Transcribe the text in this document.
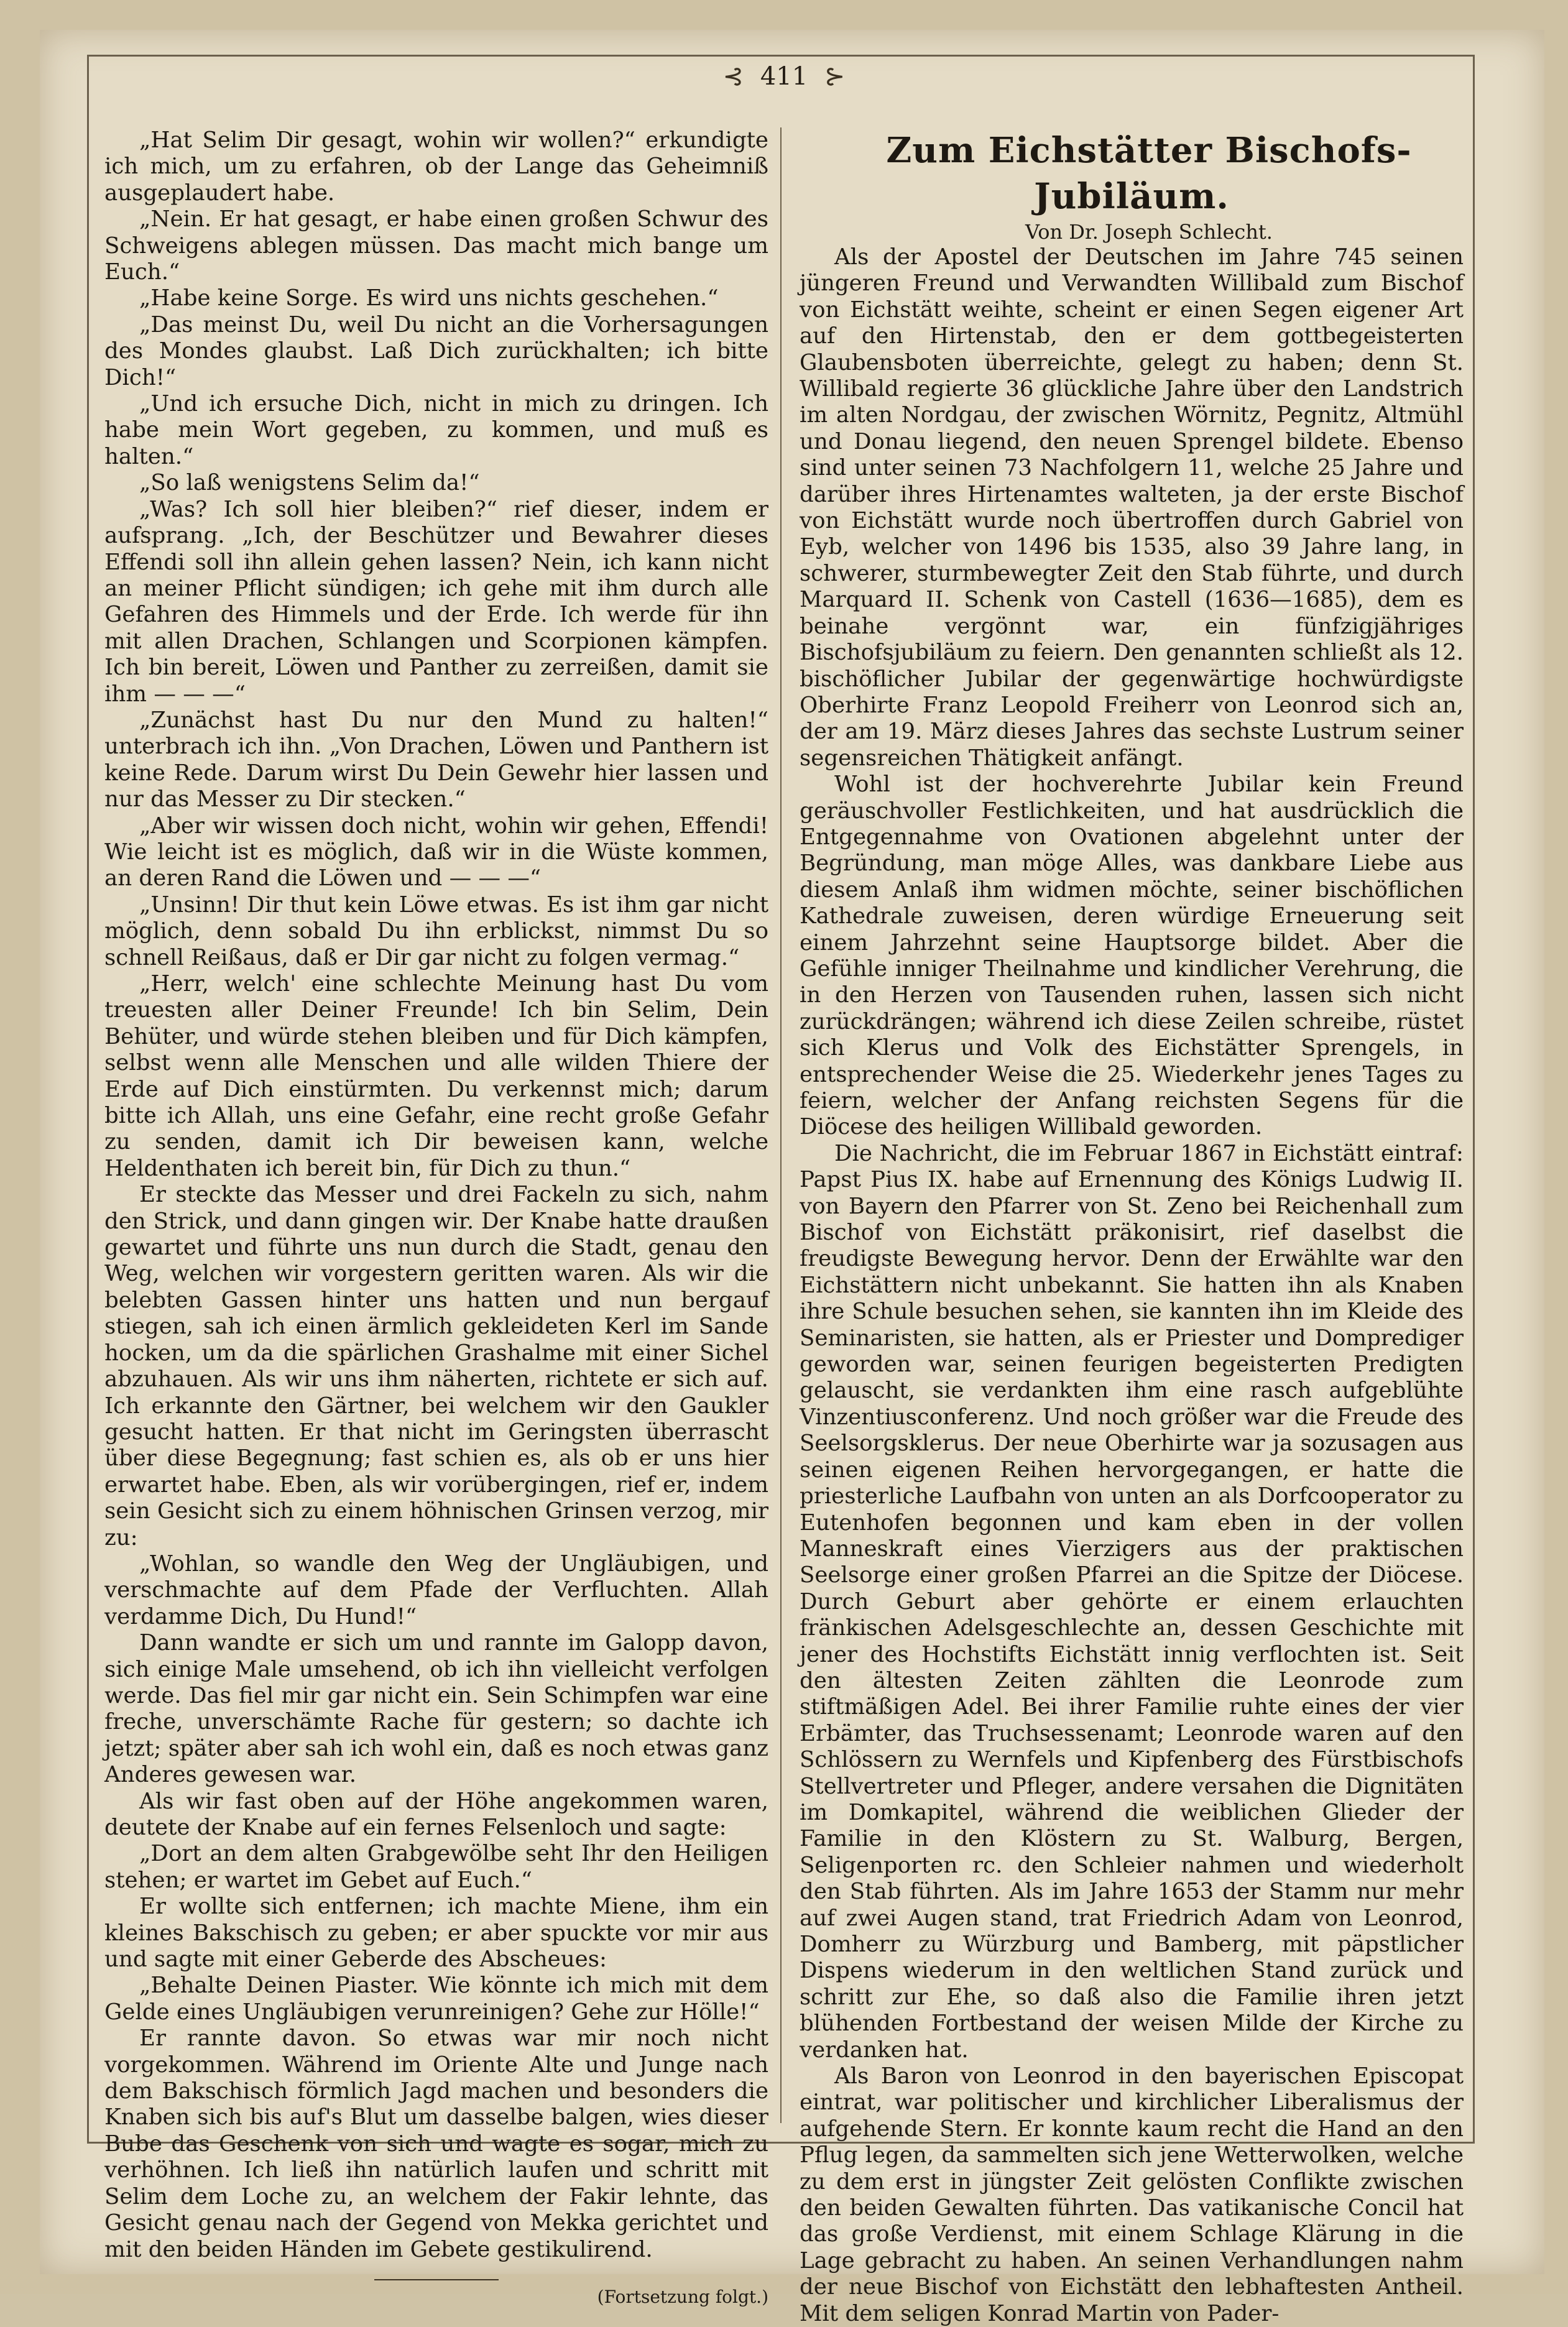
⊰ 411 ⊱

„Hat Selim Dir gesagt, wohin wir wollen?“ erkundigte ich mich, um zu erfahren, ob der Lange das Geheimniß ausgeplaudert habe.

„Nein. Er hat gesagt, er habe einen großen Schwur des Schweigens ablegen müssen. Das macht mich bange um Euch.“

„Habe keine Sorge. Es wird uns nichts geschehen.“

„Das meinst Du, weil Du nicht an die Vorhersagungen des Mondes glaubst. Laß Dich zurückhalten; ich bitte Dich!“

„Und ich ersuche Dich, nicht in mich zu dringen. Ich habe mein Wort gegeben, zu kommen, und muß es halten.“

„So laß wenigstens Selim da!“

„Was? Ich soll hier bleiben?“ rief dieser, indem er aufsprang. „Ich, der Beschützer und Bewahrer dieses Effendi soll ihn allein gehen lassen? Nein, ich kann nicht an meiner Pflicht sündigen; ich gehe mit ihm durch alle Gefahren des Himmels und der Erde. Ich werde für ihn mit allen Drachen, Schlangen und Scorpionen kämpfen. Ich bin bereit, Löwen und Panther zu zerreißen, damit sie ihm — — —“

„Zunächst hast Du nur den Mund zu halten!“ unterbrach ich ihn. „Von Drachen, Löwen und Panthern ist keine Rede. Darum wirst Du Dein Gewehr hier lassen und nur das Messer zu Dir stecken.“

„Aber wir wissen doch nicht, wohin wir gehen, Effendi! Wie leicht ist es möglich, daß wir in die Wüste kommen, an deren Rand die Löwen und — — —“

„Unsinn! Dir thut kein Löwe etwas. Es ist ihm gar nicht möglich, denn sobald Du ihn erblickst, nimmst Du so schnell Reißaus, daß er Dir gar nicht zu folgen vermag.“

„Herr, welch' eine schlechte Meinung hast Du vom treuesten aller Deiner Freunde! Ich bin Selim, Dein Behüter, und würde stehen bleiben und für Dich kämpfen, selbst wenn alle Menschen und alle wilden Thiere der Erde auf Dich einstürmten. Du verkennst mich; darum bitte ich Allah, uns eine Gefahr, eine recht große Gefahr zu senden, damit ich Dir beweisen kann, welche Heldenthaten ich bereit bin, für Dich zu thun.“

Er steckte das Messer und drei Fackeln zu sich, nahm den Strick, und dann gingen wir. Der Knabe hatte draußen gewartet und führte uns nun durch die Stadt, genau den Weg, welchen wir vorgestern geritten waren. Als wir die belebten Gassen hinter uns hatten und nun bergauf stiegen, sah ich einen ärmlich gekleideten Kerl im Sande hocken, um da die spärlichen Grashalme mit einer Sichel abzuhauen. Als wir uns ihm näherten, richtete er sich auf. Ich erkannte den Gärtner, bei welchem wir den Gaukler gesucht hatten. Er that nicht im Geringsten überrascht über diese Begegnung; fast schien es, als ob er uns hier erwartet habe. Eben, als wir vorübergingen, rief er, indem sein Gesicht sich zu einem höhnischen Grinsen verzog, mir zu:

„Wohlan, so wandle den Weg der Ungläubigen, und verschmachte auf dem Pfade der Verfluchten. Allah verdamme Dich, Du Hund!“

Dann wandte er sich um und rannte im Galopp davon, sich einige Male umsehend, ob ich ihn vielleicht verfolgen werde. Das fiel mir gar nicht ein. Sein Schimpfen war eine freche, unverschämte Rache für gestern; so dachte ich jetzt; später aber sah ich wohl ein, daß es noch etwas ganz Anderes gewesen war.

Als wir fast oben auf der Höhe angekommen waren, deutete der Knabe auf ein fernes Felsenloch und sagte:

„Dort an dem alten Grabgewölbe seht Ihr den Heiligen stehen; er wartet im Gebet auf Euch.“

Er wollte sich entfernen; ich machte Miene, ihm ein kleines Bakschisch zu geben; er aber spuckte vor mir aus und sagte mit einer Geberde des Abscheues:

„Behalte Deinen Piaster. Wie könnte ich mich mit dem Gelde eines Ungläubigen verunreinigen? Gehe zur Hölle!“

Er rannte davon. So etwas war mir noch nicht vorgekommen. Während im Oriente Alte und Junge nach dem Bakschisch förmlich Jagd machen und besonders die Knaben sich bis auf's Blut um dasselbe balgen, wies dieser Bube das Geschenk von sich und wagte es sogar, mich zu verhöhnen. Ich ließ ihn natürlich laufen und schritt mit Selim dem Loche zu, an welchem der Fakir lehnte, das Gesicht genau nach der Gegend von Mekka gerichtet und mit den beiden Händen im Gebete gestikulirend.

(Fortsetzung folgt.)

Zum Eichstätter Bischofs-Jubiläum.

Von Dr. Joseph Schlecht.

Als der Apostel der Deutschen im Jahre 745 seinen jüngeren Freund und Verwandten Willibald zum Bischof von Eichstätt weihte, scheint er einen Segen eigener Art auf den Hirtenstab, den er dem gottbegeisterten Glaubensboten überreichte, gelegt zu haben; denn St. Willibald regierte 36 glückliche Jahre über den Landstrich im alten Nordgau, der zwischen Wörnitz, Pegnitz, Altmühl und Donau liegend, den neuen Sprengel bildete. Ebenso sind unter seinen 73 Nachfolgern 11, welche 25 Jahre und darüber ihres Hirtenamtes walteten, ja der erste Bischof von Eichstätt wurde noch übertroffen durch Gabriel von Eyb, welcher von 1496 bis 1535, also 39 Jahre lang, in schwerer, sturmbewegter Zeit den Stab führte, und durch Marquard II. Schenk von Castell (1636—1685), dem es beinahe vergönnt war, ein fünfzigjähriges Bischofsjubiläum zu feiern. Den genannten schließt als 12. bischöflicher Jubilar der gegenwärtige hochwürdigste Oberhirte Franz Leopold Freiherr von Leonrod sich an, der am 19. März dieses Jahres das sechste Lustrum seiner segensreichen Thätigkeit anfängt.

Wohl ist der hochverehrte Jubilar kein Freund geräuschvoller Festlichkeiten, und hat ausdrücklich die Entgegennahme von Ovationen abgelehnt unter der Begründung, man möge Alles, was dankbare Liebe aus diesem Anlaß ihm widmen möchte, seiner bischöflichen Kathedrale zuweisen, deren würdige Erneuerung seit einem Jahrzehnt seine Hauptsorge bildet. Aber die Gefühle inniger Theilnahme und kindlicher Verehrung, die in den Herzen von Tausenden ruhen, lassen sich nicht zurückdrängen; während ich diese Zeilen schreibe, rüstet sich Klerus und Volk des Eichstätter Sprengels, in entsprechender Weise die 25. Wiederkehr jenes Tages zu feiern, welcher der Anfang reichsten Segens für die Diöcese des heiligen Willibald geworden.

Die Nachricht, die im Februar 1867 in Eichstätt eintraf: Papst Pius IX. habe auf Ernennung des Königs Ludwig II. von Bayern den Pfarrer von St. Zeno bei Reichenhall zum Bischof von Eichstätt präkonisirt, rief daselbst die freudigste Bewegung hervor. Denn der Erwählte war den Eichstättern nicht unbekannt. Sie hatten ihn als Knaben ihre Schule besuchen sehen, sie kannten ihn im Kleide des Seminaristen, sie hatten, als er Priester und Domprediger geworden war, seinen feurigen begeisterten Predigten gelauscht, sie verdankten ihm eine rasch aufgeblühte Vinzentiusconferenz. Und noch größer war die Freude des Seelsorgsklerus. Der neue Oberhirte war ja sozusagen aus seinen eigenen Reihen hervorgegangen, er hatte die priesterliche Laufbahn von unten an als Dorfcooperator zu Eutenhofen begonnen und kam eben in der vollen Manneskraft eines Vierzigers aus der praktischen Seelsorge einer großen Pfarrei an die Spitze der Diöcese. Durch Geburt aber gehörte er einem erlauchten fränkischen Adelsgeschlechte an, dessen Geschichte mit jener des Hochstifts Eichstätt innig verflochten ist. Seit den ältesten Zeiten zählten die Leonrode zum stiftmäßigen Adel. Bei ihrer Familie ruhte eines der vier Erbämter, das Truchsessenamt; Leonrode waren auf den Schlössern zu Wernfels und Kipfenberg des Fürstbischofs Stellvertreter und Pfleger, andere versahen die Dignitäten im Domkapitel, während die weiblichen Glieder der Familie in den Klöstern zu St. Walburg, Bergen, Seligenporten rc. den Schleier nahmen und wiederholt den Stab führten. Als im Jahre 1653 der Stamm nur mehr auf zwei Augen stand, trat Friedrich Adam von Leonrod, Domherr zu Würzburg und Bamberg, mit päpstlicher Dispens wiederum in den weltlichen Stand zurück und schritt zur Ehe, so daß also die Familie ihren jetzt blühenden Fortbestand der weisen Milde der Kirche zu verdanken hat.

Als Baron von Leonrod in den bayerischen Episcopat eintrat, war politischer und kirchlicher Liberalismus der aufgehende Stern. Er konnte kaum recht die Hand an den Pflug legen, da sammelten sich jene Wetterwolken, welche zu dem erst in jüngster Zeit gelösten Conflikte zwischen den beiden Gewalten führten. Das vatikanische Concil hat das große Verdienst, mit einem Schlage Klärung in die Lage gebracht zu haben. An seinen Verhandlungen nahm der neue Bischof von Eichstätt den lebhaftesten Antheil. Mit dem seligen Konrad Martin von Pader-
